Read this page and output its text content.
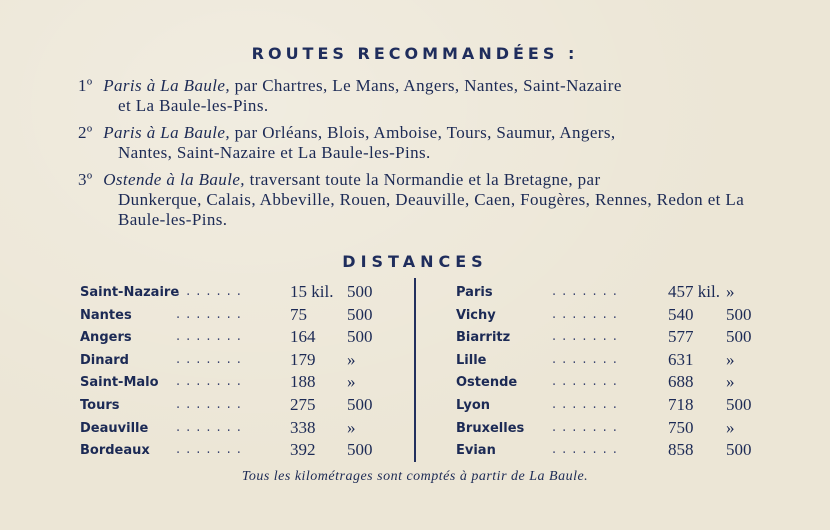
ROUTES RECOMMANDÉES :
1º Paris à La Baule, par Chartres, Le Mans, Angers, Nantes, Saint-Nazaire
et La Baule-les-Pins.
2º Paris à La Baule, par Orléans, Blois, Amboise, Tours, Saumur, Angers,
Nantes, Saint-Nazaire et La Baule-les-Pins.
3º Ostende à la Baule, traversant toute la Normandie et la Bretagne, par
Dunkerque, Calais, Abbeville, Rouen, Deauville, Caen, Fougères, Rennes, Redon et La Baule-les-Pins.
DISTANCES
Saint-Nazaire
.......	15 kil. 500
Nantes	.......	75 500
Angers	.......	164 500
Dinard	.......	179 »
Saint-Malo .......	188 »
Tours	.......	275 500
Deauville .......	338 »
Bordeaux .......	392 500
Paris	.......	457 kil. »
Vichy	.......	540 500
Biarritz	.......	577 500
Lille	.......	631 »
Ostende	.......	688 »
Lyon	.......	718 500
Bruxelles .......	750 »
Evian	.......	858 500
Tous les kilométrages sont comptés à partir de La Baule.
